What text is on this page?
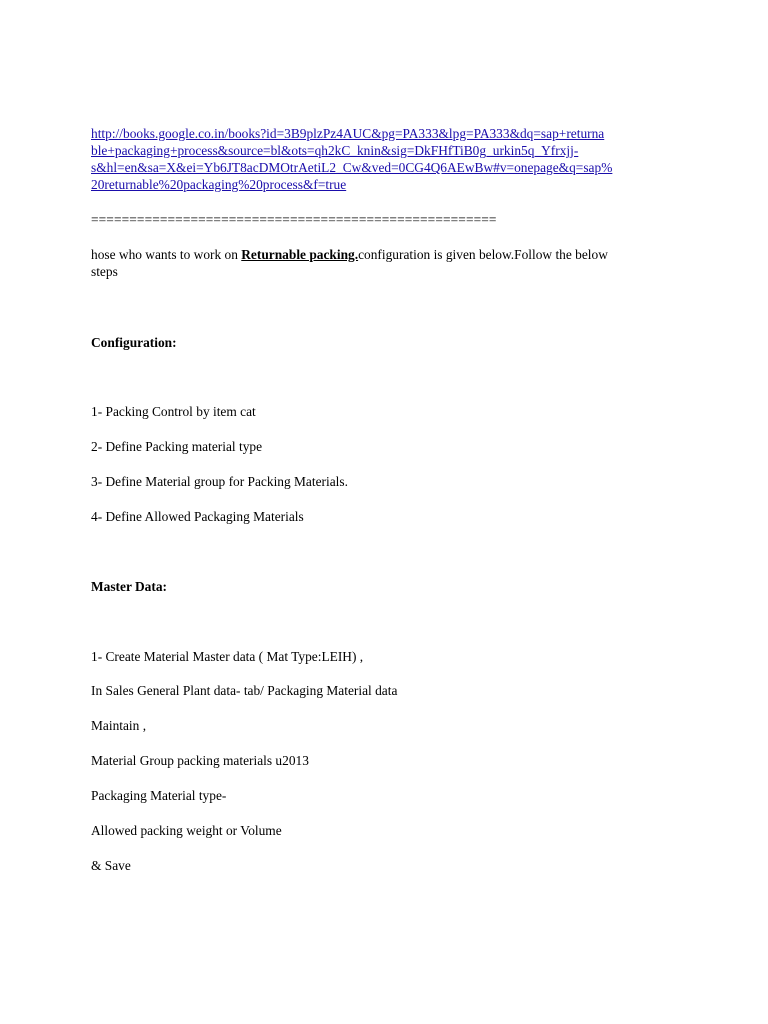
http://books.google.co.in/books?id=3B9plzPz4AUC&pg=PA333&lpg=PA333&dq=sap+returna
ble+packaging+process&source=bl&ots=qh2kC_knin&sig=DkFHfTiB0g_urkin5q_Yfrxjj-
s&hl=en&sa=X&ei=Yb6JT8acDMOtrAetiL2_Cw&ved=0CG4Q6AEwBw#v=onepage&q=sap%
20returnable%20packaging%20process&f=true
=====================================================
hose who wants to work on Returnable packing.configuration is given below.Follow the below
steps
Configuration:
1- Packing Control by item cat
2- Define Packing material type
3- Define Material group for Packing Materials.
4- Define Allowed Packaging Materials
Master Data:
1- Create Material Master data ( Mat Type:LEIH) ,
In Sales General Plant data- tab/ Packaging Material data
Maintain ,
Material Group packing materials u2013
Packaging Material type-
Allowed packing weight or Volume
& Save
